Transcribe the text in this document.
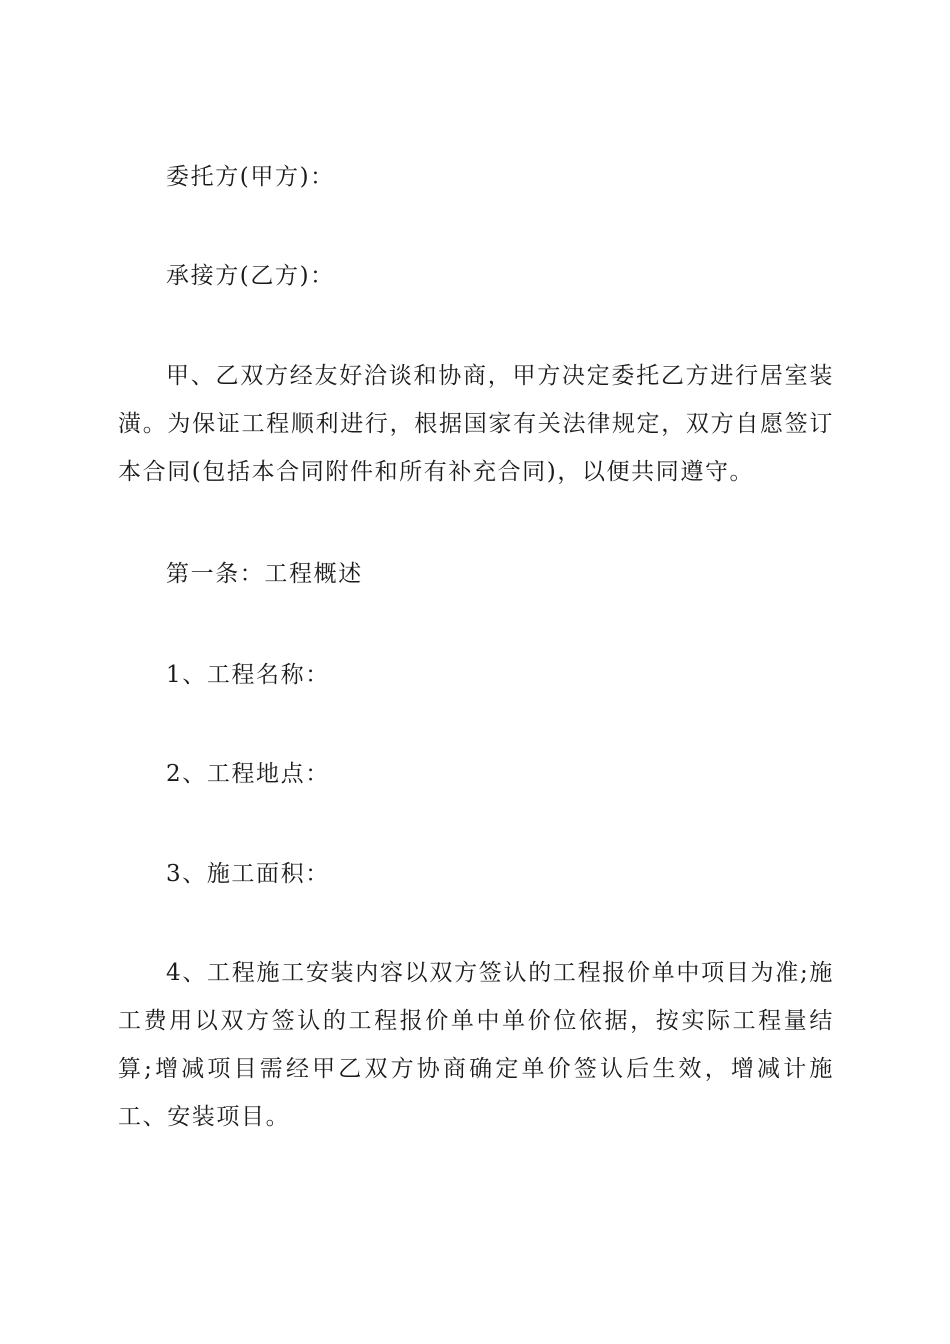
委托方(甲方)：
承接方(乙方)：
甲、乙双方经友好洽谈和协商，甲方决定委托乙方进行居室装潢。为保证工程顺利进行，根据国家有关法律规定，双方自愿签订本合同(包括本合同附件和所有补充合同)，以便共同遵守。
第一条：工程概述
1、工程名称：
2、工程地点：
3、施工面积：
4、工程施工安装内容以双方签认的工程报价单中项目为准;施工费用以双方签认的工程报价单中单价位依据，按实际工程量结算;增减项目需经甲乙双方协商确定单价签认后生效，增减计施工、安装项目。
